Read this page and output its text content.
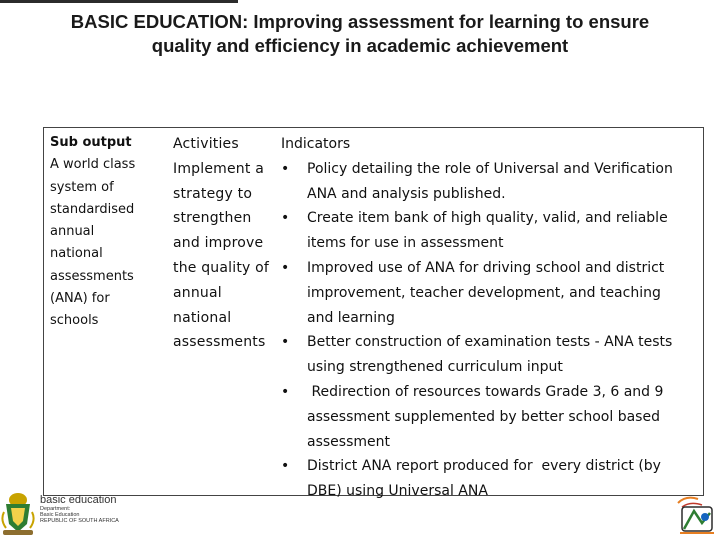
BASIC EDUCATION: Improving assessment for learning to ensure
quality and efficiency in academic achievement
Sub output
A world class
system of
standardised
annual
national
assessments
(ANA) for
schools
Activities
Implement a
strategy to
strengthen
and improve
the quality of
annual
national
assessments
Indicators
• Policy detailing the role of Universal and Verification
ANA and analysis published.
• Create item bank of high quality, valid, and reliable
items for use in assessment
• Improved use of ANA for driving school and district
improvement, teacher development, and teaching
and learning
• Better construction of examination tests - ANA tests
using strengthened curriculum input
• Redirection of resources towards Grade 3, 6 and 9
assessment supplemented by better school based
assessment
• District ANA report produced for  every district (by
DBE) using Universal ANA
basic education
Department:
Basic Education
REPUBLIC OF SOUTH AFRICA
